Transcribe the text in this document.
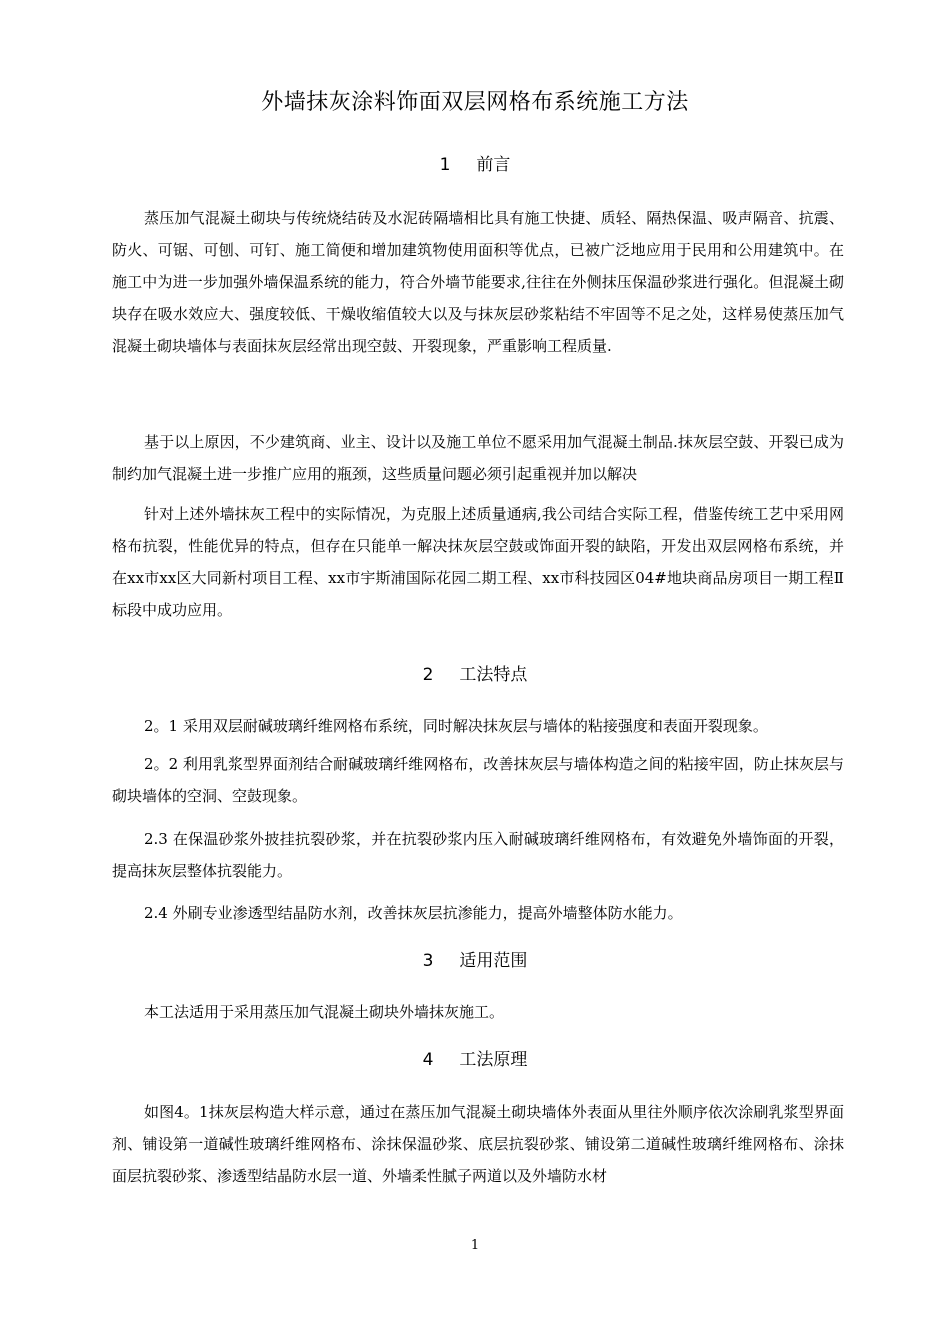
外墙抹灰涂料饰面双层网格布系统施工方法
1 前言

蒸压加气混凝土砌块与传统烧结砖及水泥砖隔墙相比具有施工快捷、质轻、隔热保温、吸声隔音、抗震、防火、可锯、可刨、可钉、施工简便和增加建筑物使用面积等优点，已被广泛地应用于民用和公用建筑中。在施工中为进一步加强外墙保温系统的能力，符合外墙节能要求,往往在外侧抹压保温砂浆进行强化。但混凝土砌块存在吸水效应大、强度较低、干燥收缩值较大以及与抹灰层砂浆粘结不牢固等不足之处，这样易使蒸压加气混凝土砌块墙体与表面抹灰层经常出现空鼓、开裂现象，严重影响工程质量.

基于以上原因，不少建筑商、业主、设计以及施工单位不愿采用加气混凝土制品.抹灰层空鼓、开裂已成为制约加气混凝土进一步推广应用的瓶颈，这些质量问题必须引起重视并加以解决

针对上述外墙抹灰工程中的实际情况，为克服上述质量通病,我公司结合实际工程，借鉴传统工艺中采用网格布抗裂，性能优异的特点，但存在只能单一解决抹灰层空鼓或饰面开裂的缺陷，开发出双层网格布系统，并在xx市xx区大同新村项目工程、xx市宇斯浦国际花园二期工程、xx市科技园区04#地块商品房项目一期工程Ⅱ标段中成功应用。

2 工法特点

2。1 采用双层耐碱玻璃纤维网格布系统，同时解决抹灰层与墙体的粘接强度和表面开裂现象。

2。2 利用乳浆型界面剂结合耐碱玻璃纤维网格布，改善抹灰层与墙体构造之间的粘接牢固，防止抹灰层与砌块墙体的空洞、空鼓现象。

2.3 在保温砂浆外披挂抗裂砂浆，并在抗裂砂浆内压入耐碱玻璃纤维网格布，有效避免外墙饰面的开裂，提高抹灰层整体抗裂能力。

2.4 外刷专业渗透型结晶防水剂，改善抹灰层抗渗能力，提高外墙整体防水能力。

3 适用范围

本工法适用于采用蒸压加气混凝土砌块外墙抹灰施工。

4 工法原理

如图4。1抹灰层构造大样示意，通过在蒸压加气混凝土砌块墙体外表面从里往外顺序依次涂刷乳浆型界面剂、铺设第一道碱性玻璃纤维网格布、涂抹保温砂浆、底层抗裂砂浆、铺设第二道碱性玻璃纤维网格布、涂抹面层抗裂砂浆、渗透型结晶防水层一道、外墙柔性腻子两道以及外墙防水材

1
